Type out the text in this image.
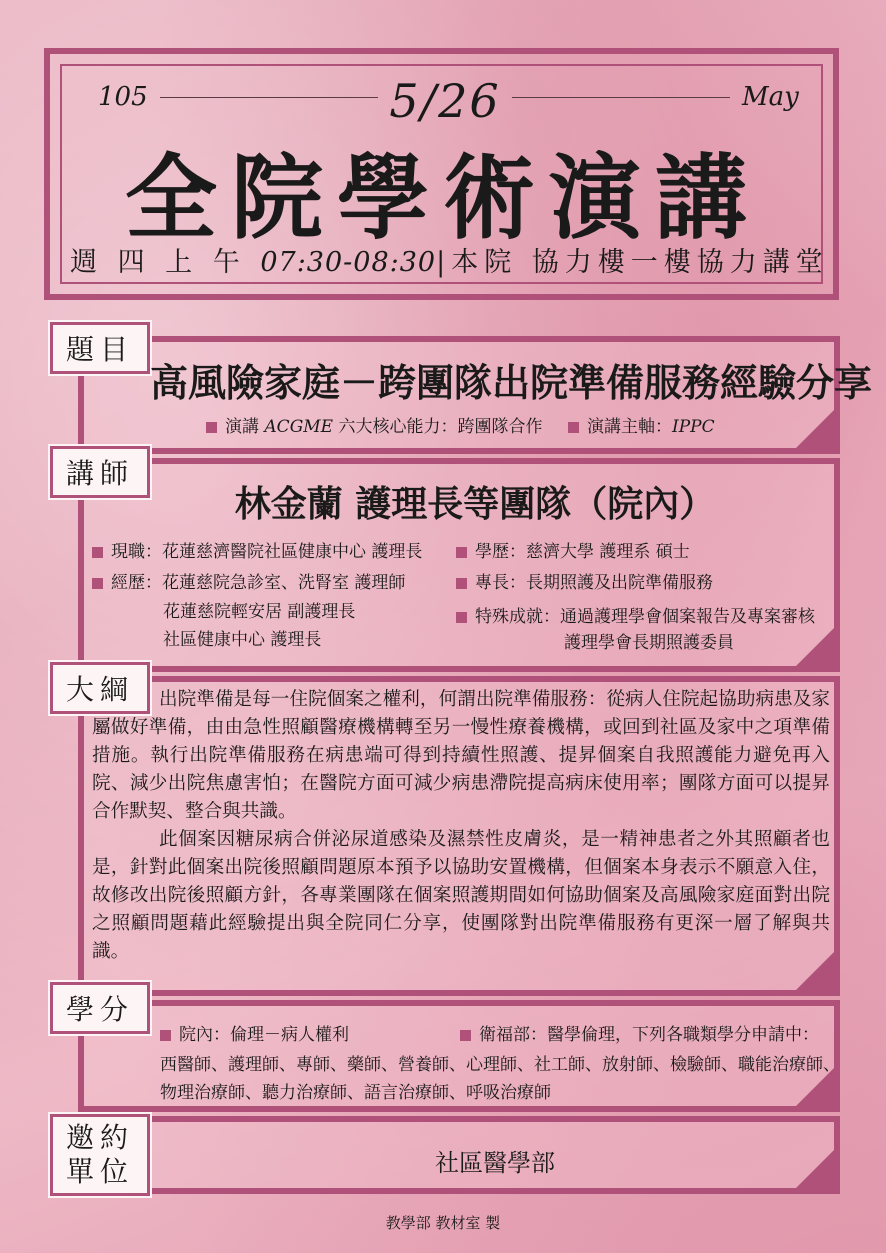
105	5/26	May
全院學術演講
週 四 上 午 07:30-08:30|本院 協力樓一樓協力講堂
題目
高風險家庭－跨團隊出院準備服務經驗分享
演講 ACGME 六大核心能力：跨團隊合作	演講主軸：IPPC
講師
林金蘭 護理長等團隊（院內）
現職：花蓮慈濟醫院社區健康中心 護理長
經歷：花蓮慈院急診室、洗腎室 護理師
花蓮慈院輕安居 副護理長
社區健康中心 護理長
學歷：慈濟大學 護理系 碩士
專長：長期照護及出院準備服務
特殊成就：通過護理學會個案報告及專案審核
護理學會長期照護委員
大綱	出院準備是每一住院個案之權利，何謂出院準備服務：從病人住院起協助病患及家屬做好準備，由由急性照顧醫療機構轉至另一慢性療養機構，或回到社區及家中之項準備措施。執行出院準備服務在病患端可得到持續性照護、提昇個案自我照護能力避免再入院、減少出院焦慮害怕；在醫院方面可減少病患滯院提高病床使用率；團隊方面可以提昇合作默契、整合與共識。

此個案因糖尿病合併泌尿道感染及濕禁性皮膚炎，是一精神患者之外其照顧者也是，針對此個案出院後照顧問題原本預予以協助安置機構，但個案本身表示不願意入住，故修改出院後照顧方針，各專業團隊在個案照護期間如何協助個案及高風險家庭面對出院之照顧問題藉此經驗提出與全院同仁分享，使團隊對出院準備服務有更深一層了解與共識。

學分
院內：倫理－病人權利	衛福部：醫學倫理，下列各職類學分申請中：
西醫師、護理師、專師、藥師、營養師、心理師、社工師、放射師、檢驗師、職能治療師、
物理治療師、聽力治療師、語言治療師、呼吸治療師
邀約
單位	社區醫學部
教學部 教材室 製
